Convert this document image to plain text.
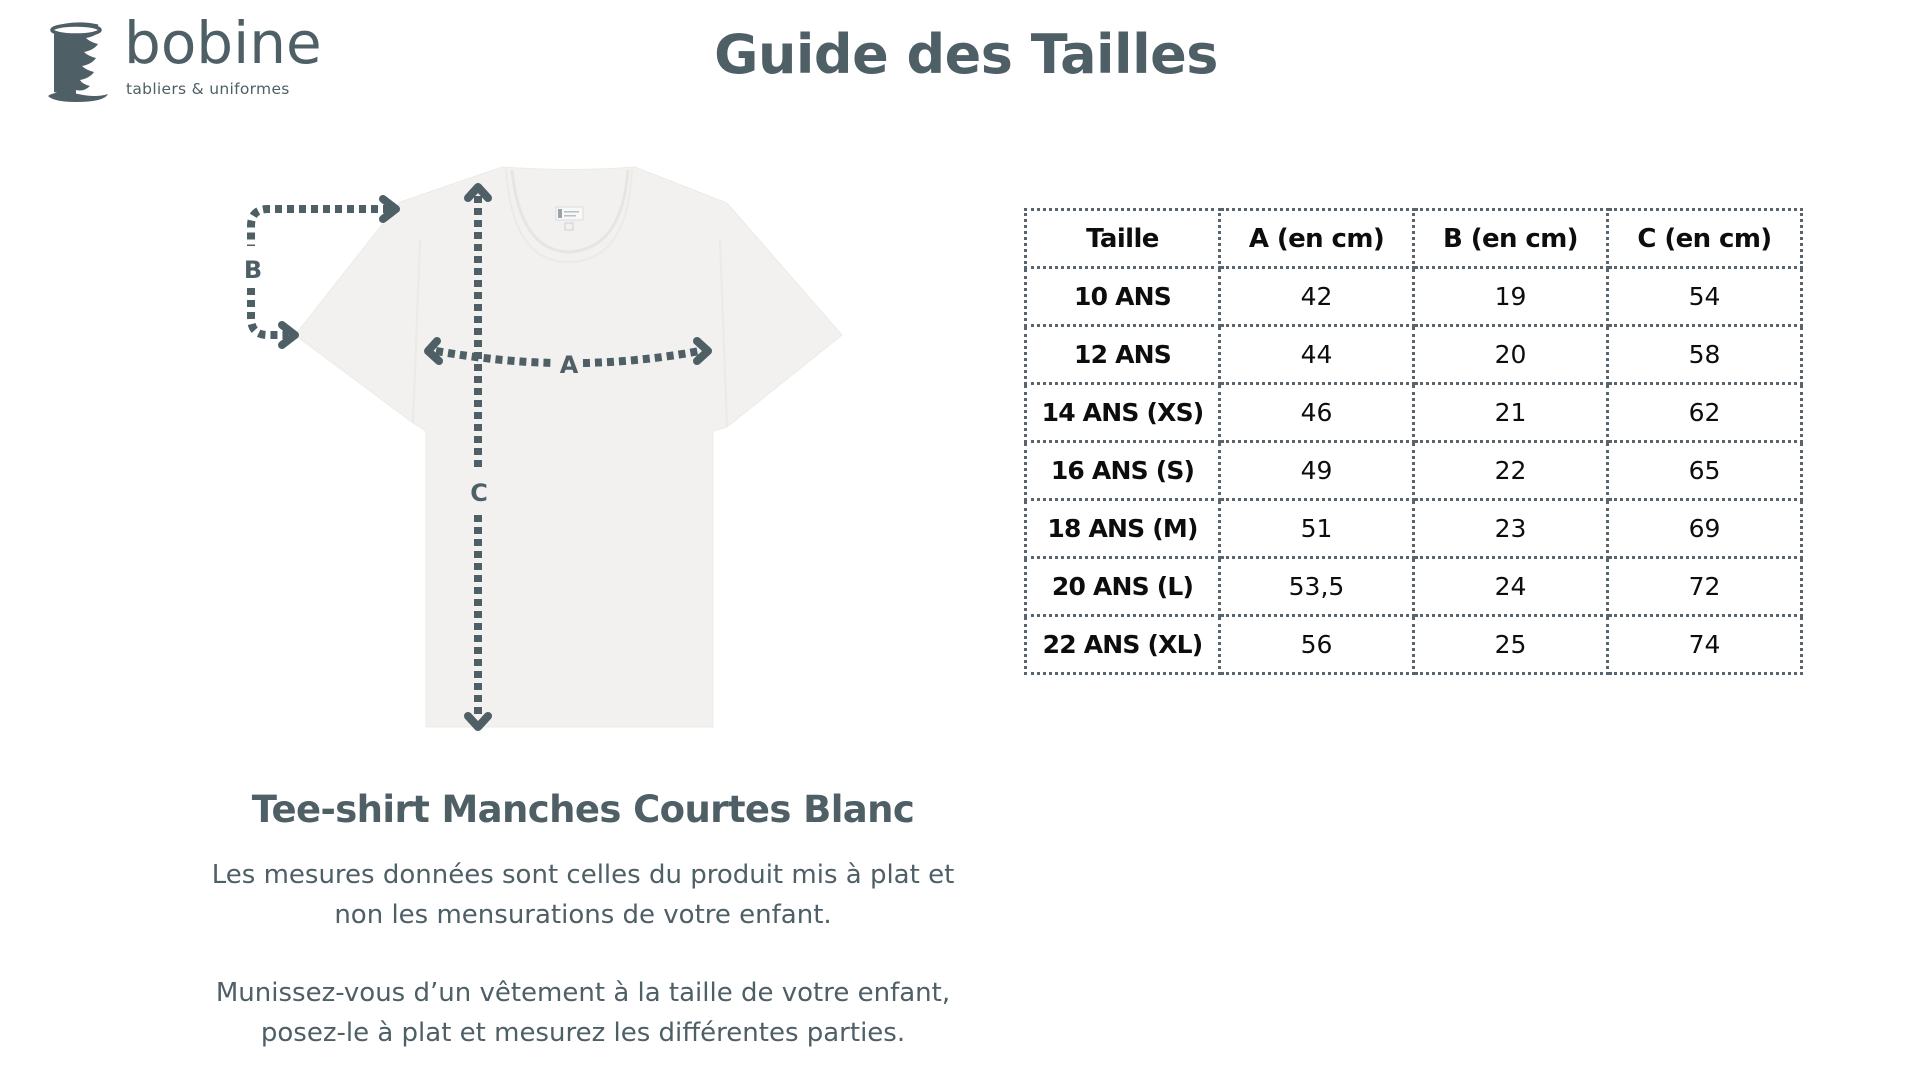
bobine
tabliers & uniformes
Guide des Tailles
B
C
A
Tee-shirt Manches Courtes Blanc

Les mesures données sont celles du produit mis à plat et
non les mensurations de votre enfant.

Munissez-vous d’un vêtement à la taille de votre enfant,
posez-le à plat et mesurez les différentes parties.

Taille	A (en cm)	B (en cm)	C (en cm)
10 ANS	42	19	54
12 ANS	44	20	58
14 ANS (XS)	46	21	62
16 ANS (S)	49	22	65
18 ANS (M)	51	23	69
20 ANS (L)	53,5	24	72
22 ANS (XL)	56	25	74
